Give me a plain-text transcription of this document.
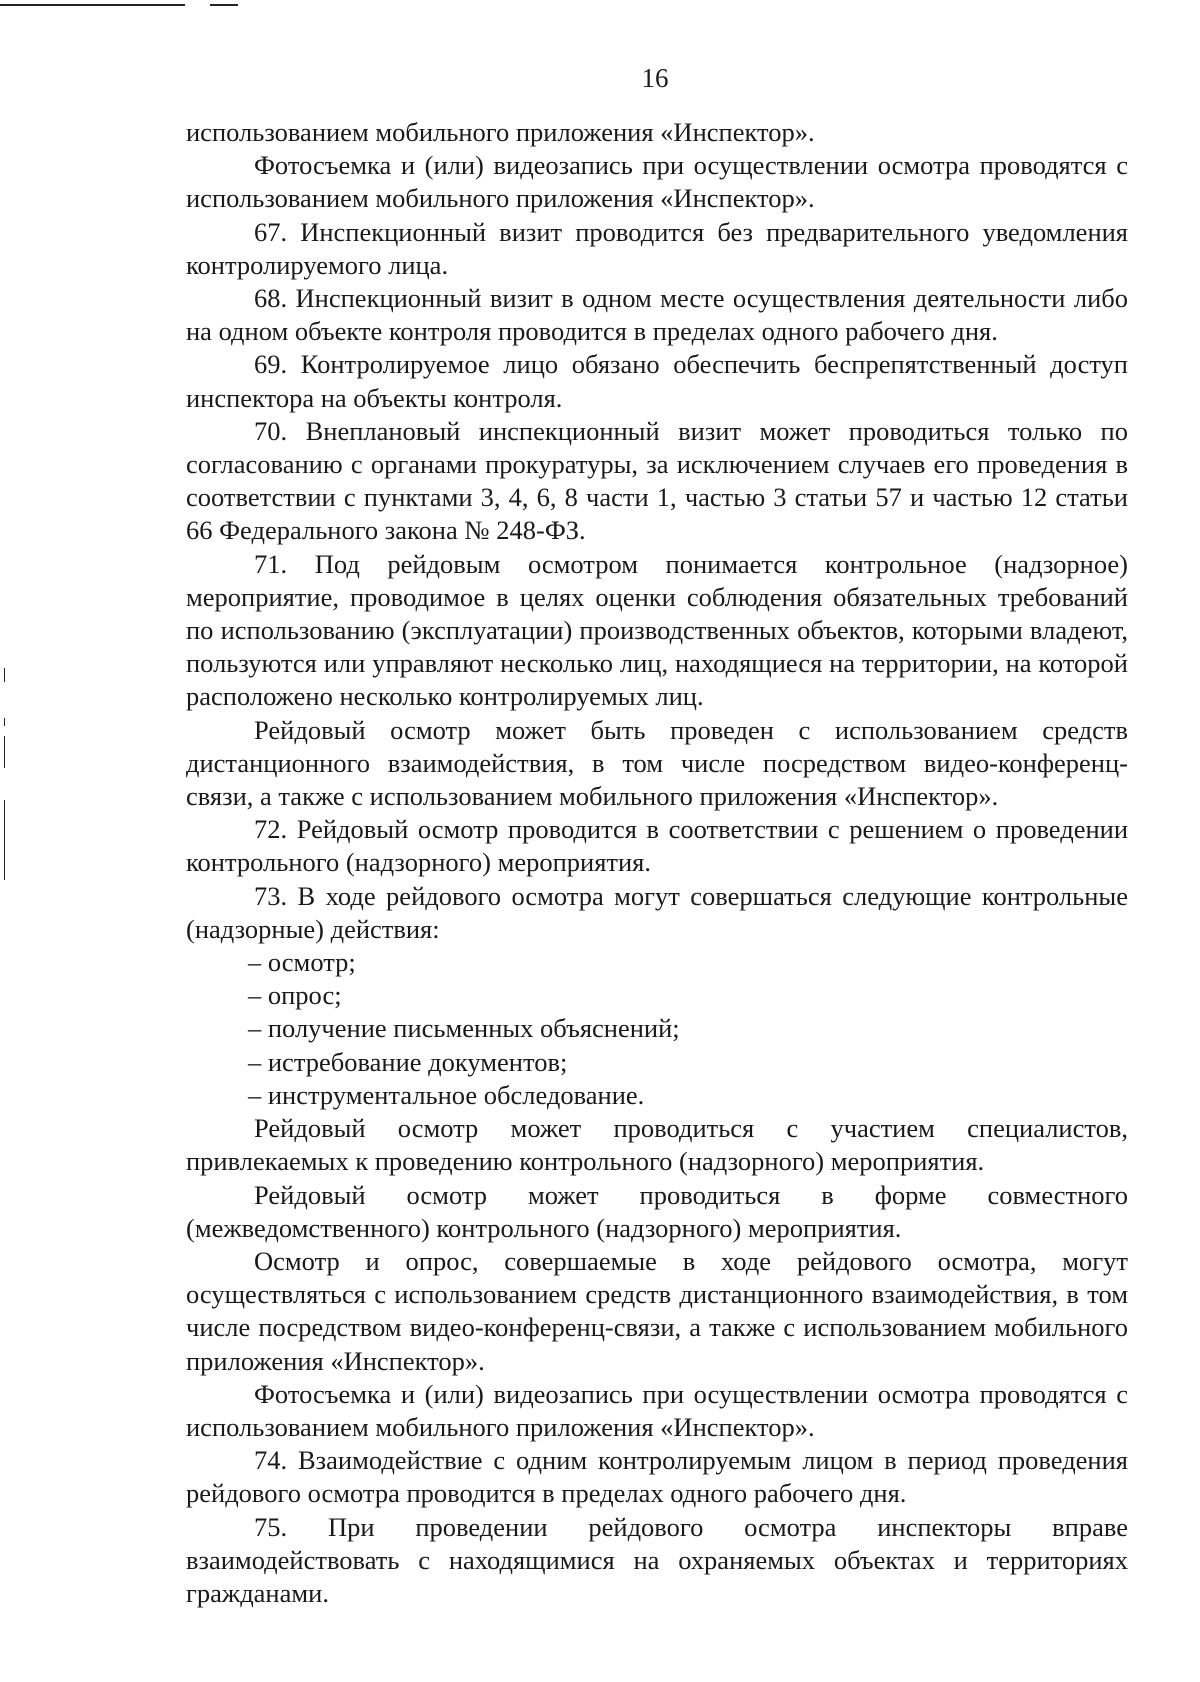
16

использованием мобильного приложения «Инспектор».

Фотосъемка и (или) видеозапись при осуществлении осмотра проводятся с использованием мобильного приложения «Инспектор».

67. Инспекционный визит проводится без предварительного уведомления контролируемого лица.

68. Инспекционный визит в одном месте осуществления деятельности либо на одном объекте контроля проводится в пределах одного рабочего дня.

69. Контролируемое лицо обязано обеспечить беспрепятственный доступ инспектора на объекты контроля.

70. Внеплановый инспекционный визит может проводиться только по согласованию с органами прокуратуры, за исключением случаев его проведения в соответствии с пунктами 3, 4, 6, 8 части 1, частью 3 статьи 57 и частью 12 статьи 66 Федерального закона № 248-ФЗ.

71. Под рейдовым осмотром понимается контрольное (надзорное) мероприятие, проводимое в целях оценки соблюдения обязательных требований по использованию (эксплуатации) производственных объектов, которыми владеют, пользуются или управляют несколько лиц, находящиеся на территории, на которой расположено несколько контролируемых лиц.

Рейдовый осмотр может быть проведен с использованием средств дистанционного взаимодействия, в том числе посредством видео-конференц-связи, а также с использованием мобильного приложения «Инспектор».

72. Рейдовый осмотр проводится в соответствии с решением о проведении контрольного (надзорного) мероприятия.

73. В ходе рейдового осмотра могут совершаться следующие контрольные (надзорные) действия:

– осмотр;

– опрос;

– получение письменных объяснений;

– истребование документов;

– инструментальное обследование.

Рейдовый осмотр может проводиться с участием специалистов, привлекаемых к проведению контрольного (надзорного) мероприятия.

Рейдовый осмотр может проводиться в форме совместного (межведомственного) контрольного (надзорного) мероприятия.

Осмотр и опрос, совершаемые в ходе рейдового осмотра, могут осуществляться с использованием средств дистанционного взаимодействия, в том числе посредством видео-конференц-связи, а также с использованием мобильного приложения «Инспектор».

Фотосъемка и (или) видеозапись при осуществлении осмотра проводятся с использованием мобильного приложения «Инспектор».

74. Взаимодействие с одним контролируемым лицом в период проведения рейдового осмотра проводится в пределах одного рабочего дня.

75. При проведении рейдового осмотра инспекторы вправе взаимодействовать с находящимися на охраняемых объектах и территориях гражданами.
